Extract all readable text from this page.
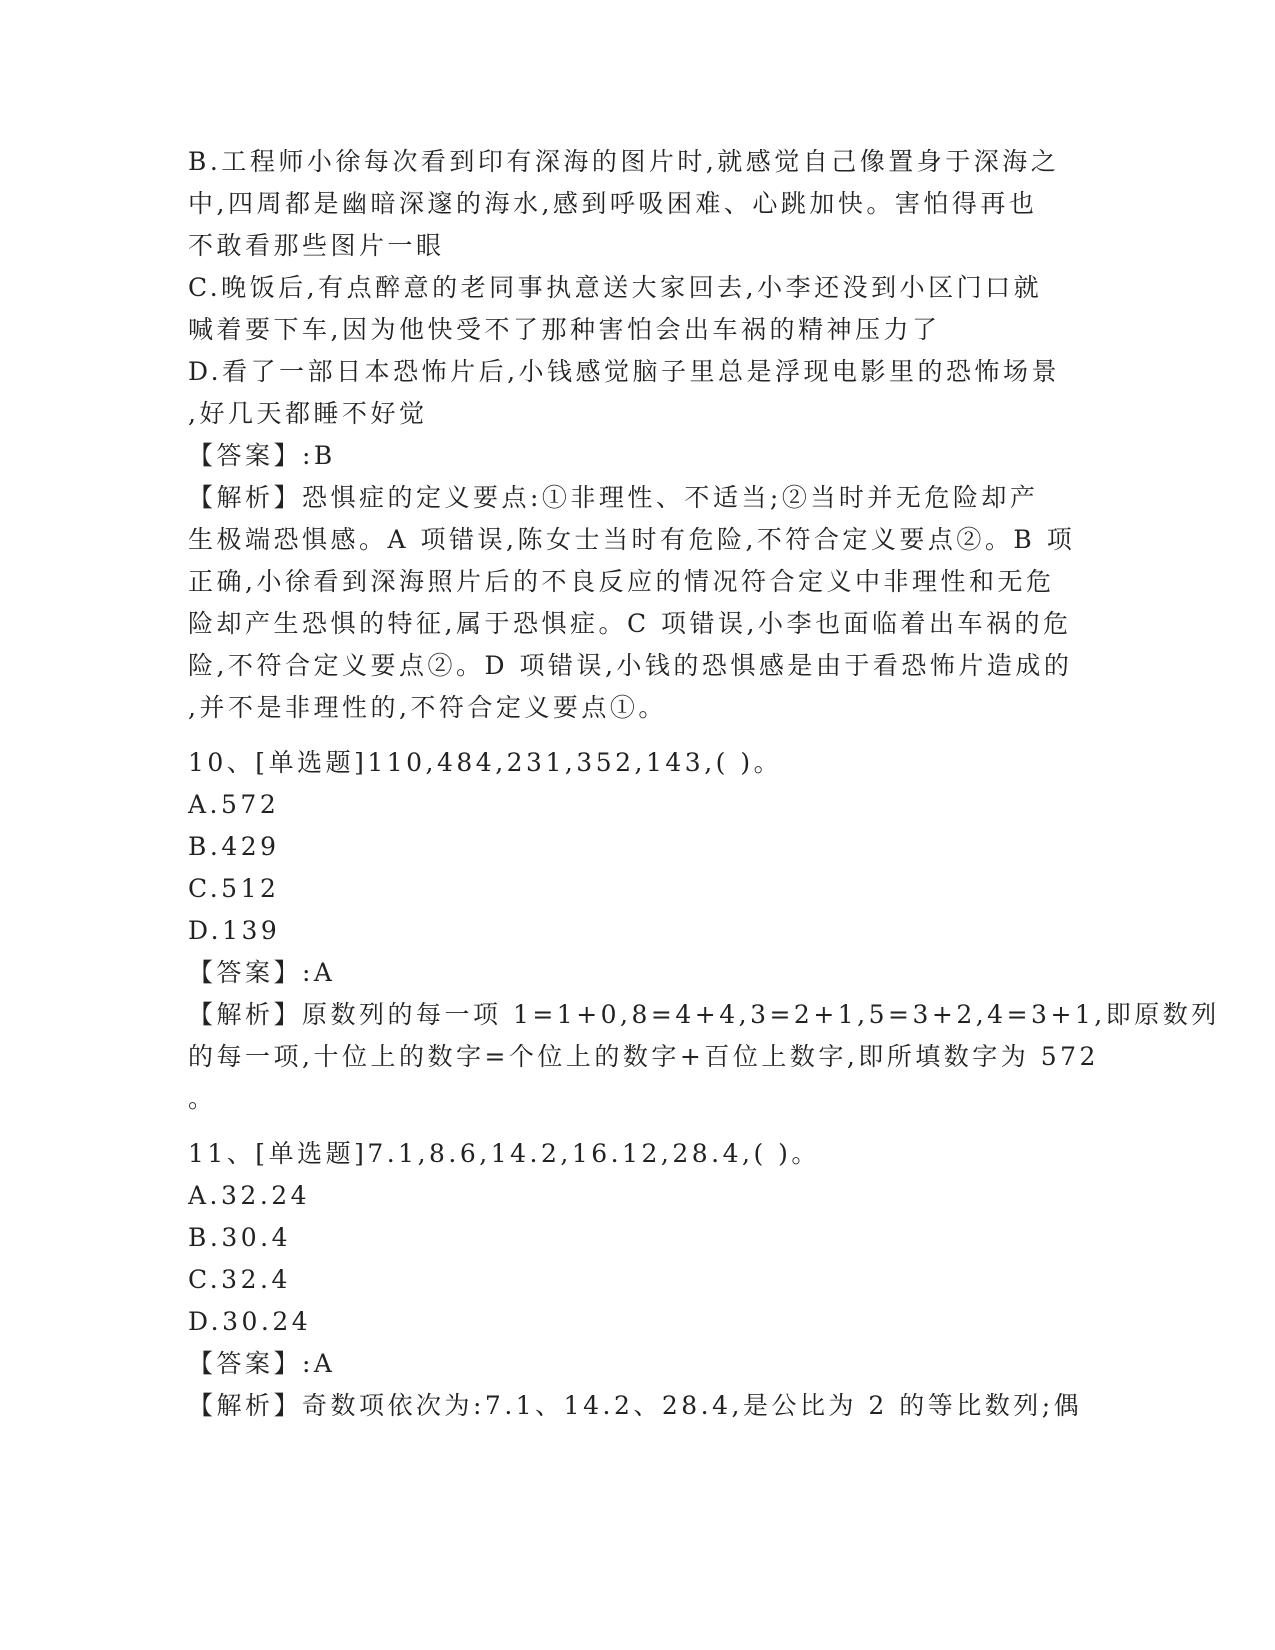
B.工程师小徐每次看到印有深海的图片时,就感觉自己像置身于深海之
中,四周都是幽暗深邃的海水,感到呼吸困难、心跳加快。害怕得再也
不敢看那些图片一眼
C.晚饭后,有点醉意的老同事执意送大家回去,小李还没到小区门口就
喊着要下车,因为他快受不了那种害怕会出车祸的精神压力了
D.看了一部日本恐怖片后,小钱感觉脑子里总是浮现电影里的恐怖场景
,好几天都睡不好觉
【答案】:B
【解析】恐惧症的定义要点:①非理性、不适当;②当时并无危险却产
生极端恐惧感。A 项错误,陈女士当时有危险,不符合定义要点②。B 项
正确,小徐看到深海照片后的不良反应的情况符合定义中非理性和无危
险却产生恐惧的特征,属于恐惧症。C 项错误,小李也面临着出车祸的危
险,不符合定义要点②。D 项错误,小钱的恐惧感是由于看恐怖片造成的
,并不是非理性的,不符合定义要点①。
10、[单选题]110,484,231,352,143,( )。
A.572
B.429
C.512
D.139
【答案】:A
【解析】原数列的每一项 1=1+0,8=4+4,3=2+1,5=3+2,4=3+1,即原数列
的每一项,十位上的数字=个位上的数字+百位上数字,即所填数字为 572
。
11、[单选题]7.1,8.6,14.2,16.12,28.4,( )。
A.32.24
B.30.4
C.32.4
D.30.24
【答案】:A
【解析】奇数项依次为:7.1、14.2、28.4,是公比为 2 的等比数列;偶
